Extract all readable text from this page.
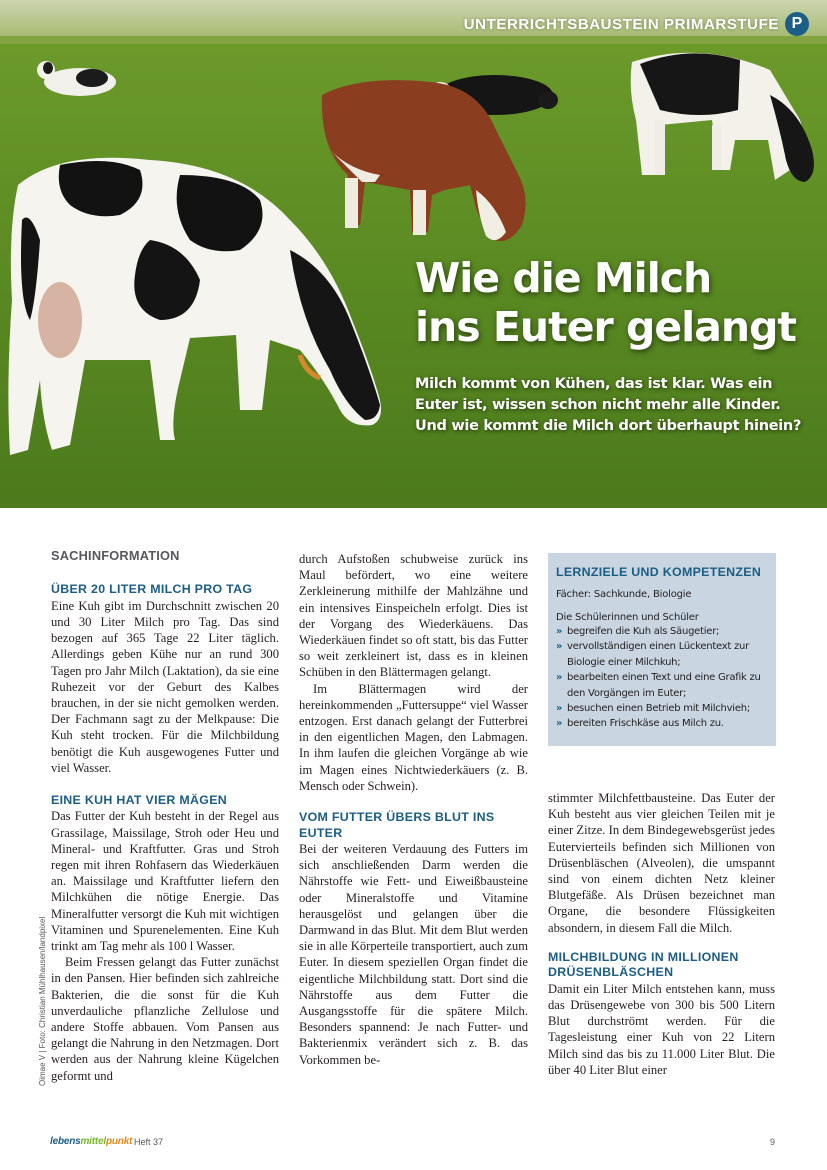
UNTERRICHTSBAUSTEIN PRIMARSTUFE P
Wie die Milch
ins Euter gelangt

Milch kommt von Kühen, das ist klar. Was ein
Euter ist, wissen schon nicht mehr alle Kinder.
Und wie kommt die Milch dort überhaupt hinein?

SACHINFORMATION
ÜBER 20 LITER MILCH PRO TAG

Eine Kuh gibt im Durchschnitt zwischen 20 und 30 Liter Milch pro Tag. Das sind bezogen auf 365 Tage 22 Liter täglich. Allerdings geben Kühe nur an rund 300 Tagen pro Jahr Milch (Laktation), da sie eine Ruhezeit vor der Geburt des Kalbes brauchen, in der sie nicht gemolken werden. Der Fachmann sagt zu der Melkpause: Die Kuh steht trocken. Für die Milchbildung benötigt die Kuh ausgewogenes Futter und viel Wasser.

EINE KUH HAT VIER MÄGEN

Das Futter der Kuh besteht in der Regel aus Grassilage, Maissilage, Stroh oder Heu und Mineral- und Kraftfutter. Gras und Stroh regen mit ihren Rohfasern das Wiederkäuen an. Maissilage und Kraftfutter liefern den Milchkühen die nötige Energie. Das Mineralfutter versorgt die Kuh mit wichtigen Vitaminen und Spurenelementen. Eine Kuh trinkt am Tag mehr als 100 l Wasser.

Beim Fressen gelangt das Futter zunächst in den Pansen. Hier befinden sich zahlreiche Bakterien, die die sonst für die Kuh unverdauliche pflanzliche Zellulose und andere Stoffe abbauen. Vom Pansen aus gelangt die Nahrung in den Netzmagen. Dort werden aus der Nahrung kleine Kügelchen geformt und

durch Aufstoßen schubweise zurück ins Maul befördert, wo eine weitere Zerkleinerung mithilfe der Mahlzähne und ein intensives Einspeicheln erfolgt. Dies ist der Vorgang des Wiederkäuens. Das Wiederkäuen findet so oft statt, bis das Futter so weit zerkleinert ist, dass es in kleinen Schüben in den Blättermagen gelangt.

Im Blättermagen wird der hereinkommenden „Futtersuppe“ viel Wasser entzogen. Erst danach gelangt der Futterbrei in den eigentlichen Magen, den Labmagen. In ihm laufen die gleichen Vorgänge ab wie im Magen eines Nichtwiederkäuers (z. B. Mensch oder Schwein).

VOM FUTTER ÜBERS BLUT INS EUTER

Bei der weiteren Verdauung des Futters im sich anschließenden Darm werden die Nährstoffe wie Fett- und Eiweißbausteine oder Mineralstoffe und Vitamine herausgelöst und gelangen über die Darmwand in das Blut. Mit dem Blut werden sie in alle Körperteile transportiert, auch zum Euter. In diesem speziellen Organ findet die eigentliche Milchbildung statt. Dort sind die Nährstoffe aus dem Futter die Ausgangsstoffe für die spätere Milch. Besonders spannend: Je nach Futter- und Bakterienmix verändert sich z. B. das Vorkommen be-

LERNZIELE UND KOMPETENZEN

Fächer: Sachkunde, Biologie

Die Schülerinnen und Schüler

» begreifen die Kuh als Säugetier;
» vervollständigen einen Lückentext zur Biologie einer Milchkuh;
» bearbeiten einen Text und eine Grafik zu den Vorgängen im Euter;
» besuchen einen Betrieb mit Milchvieh;
» bereiten Frischkäse aus Milch zu.

stimmter Milchfettbausteine. Das Euter der Kuh besteht aus vier gleichen Teilen mit je einer Zitze. In dem Bindegewebsgerüst jedes Eutervierteils befinden sich Millionen von Drüsenbläschen (Alveolen), die umspannt sind von einem dichten Netz kleiner Blutgefäße. Als Drüsen bezeichnet man Organe, die besondere Flüssigkeiten absondern, in diesem Fall die Milch.

MILCHBILDUNG IN MILLIONEN DRÜSENBLÄSCHEN

Damit ein Liter Milch entstehen kann, muss das Drüsengewebe von 300 bis 500 Litern Blut durchströmt werden. Für die Tagesleistung einer Kuh von 22 Litern Milch sind das bis zu 11.000 Liter Blut. Die über 40 Liter Blut einer

Oimae V | Foto: Christian Mühlhausen/landpixel
lebensmittelpunkt Heft 37	9
